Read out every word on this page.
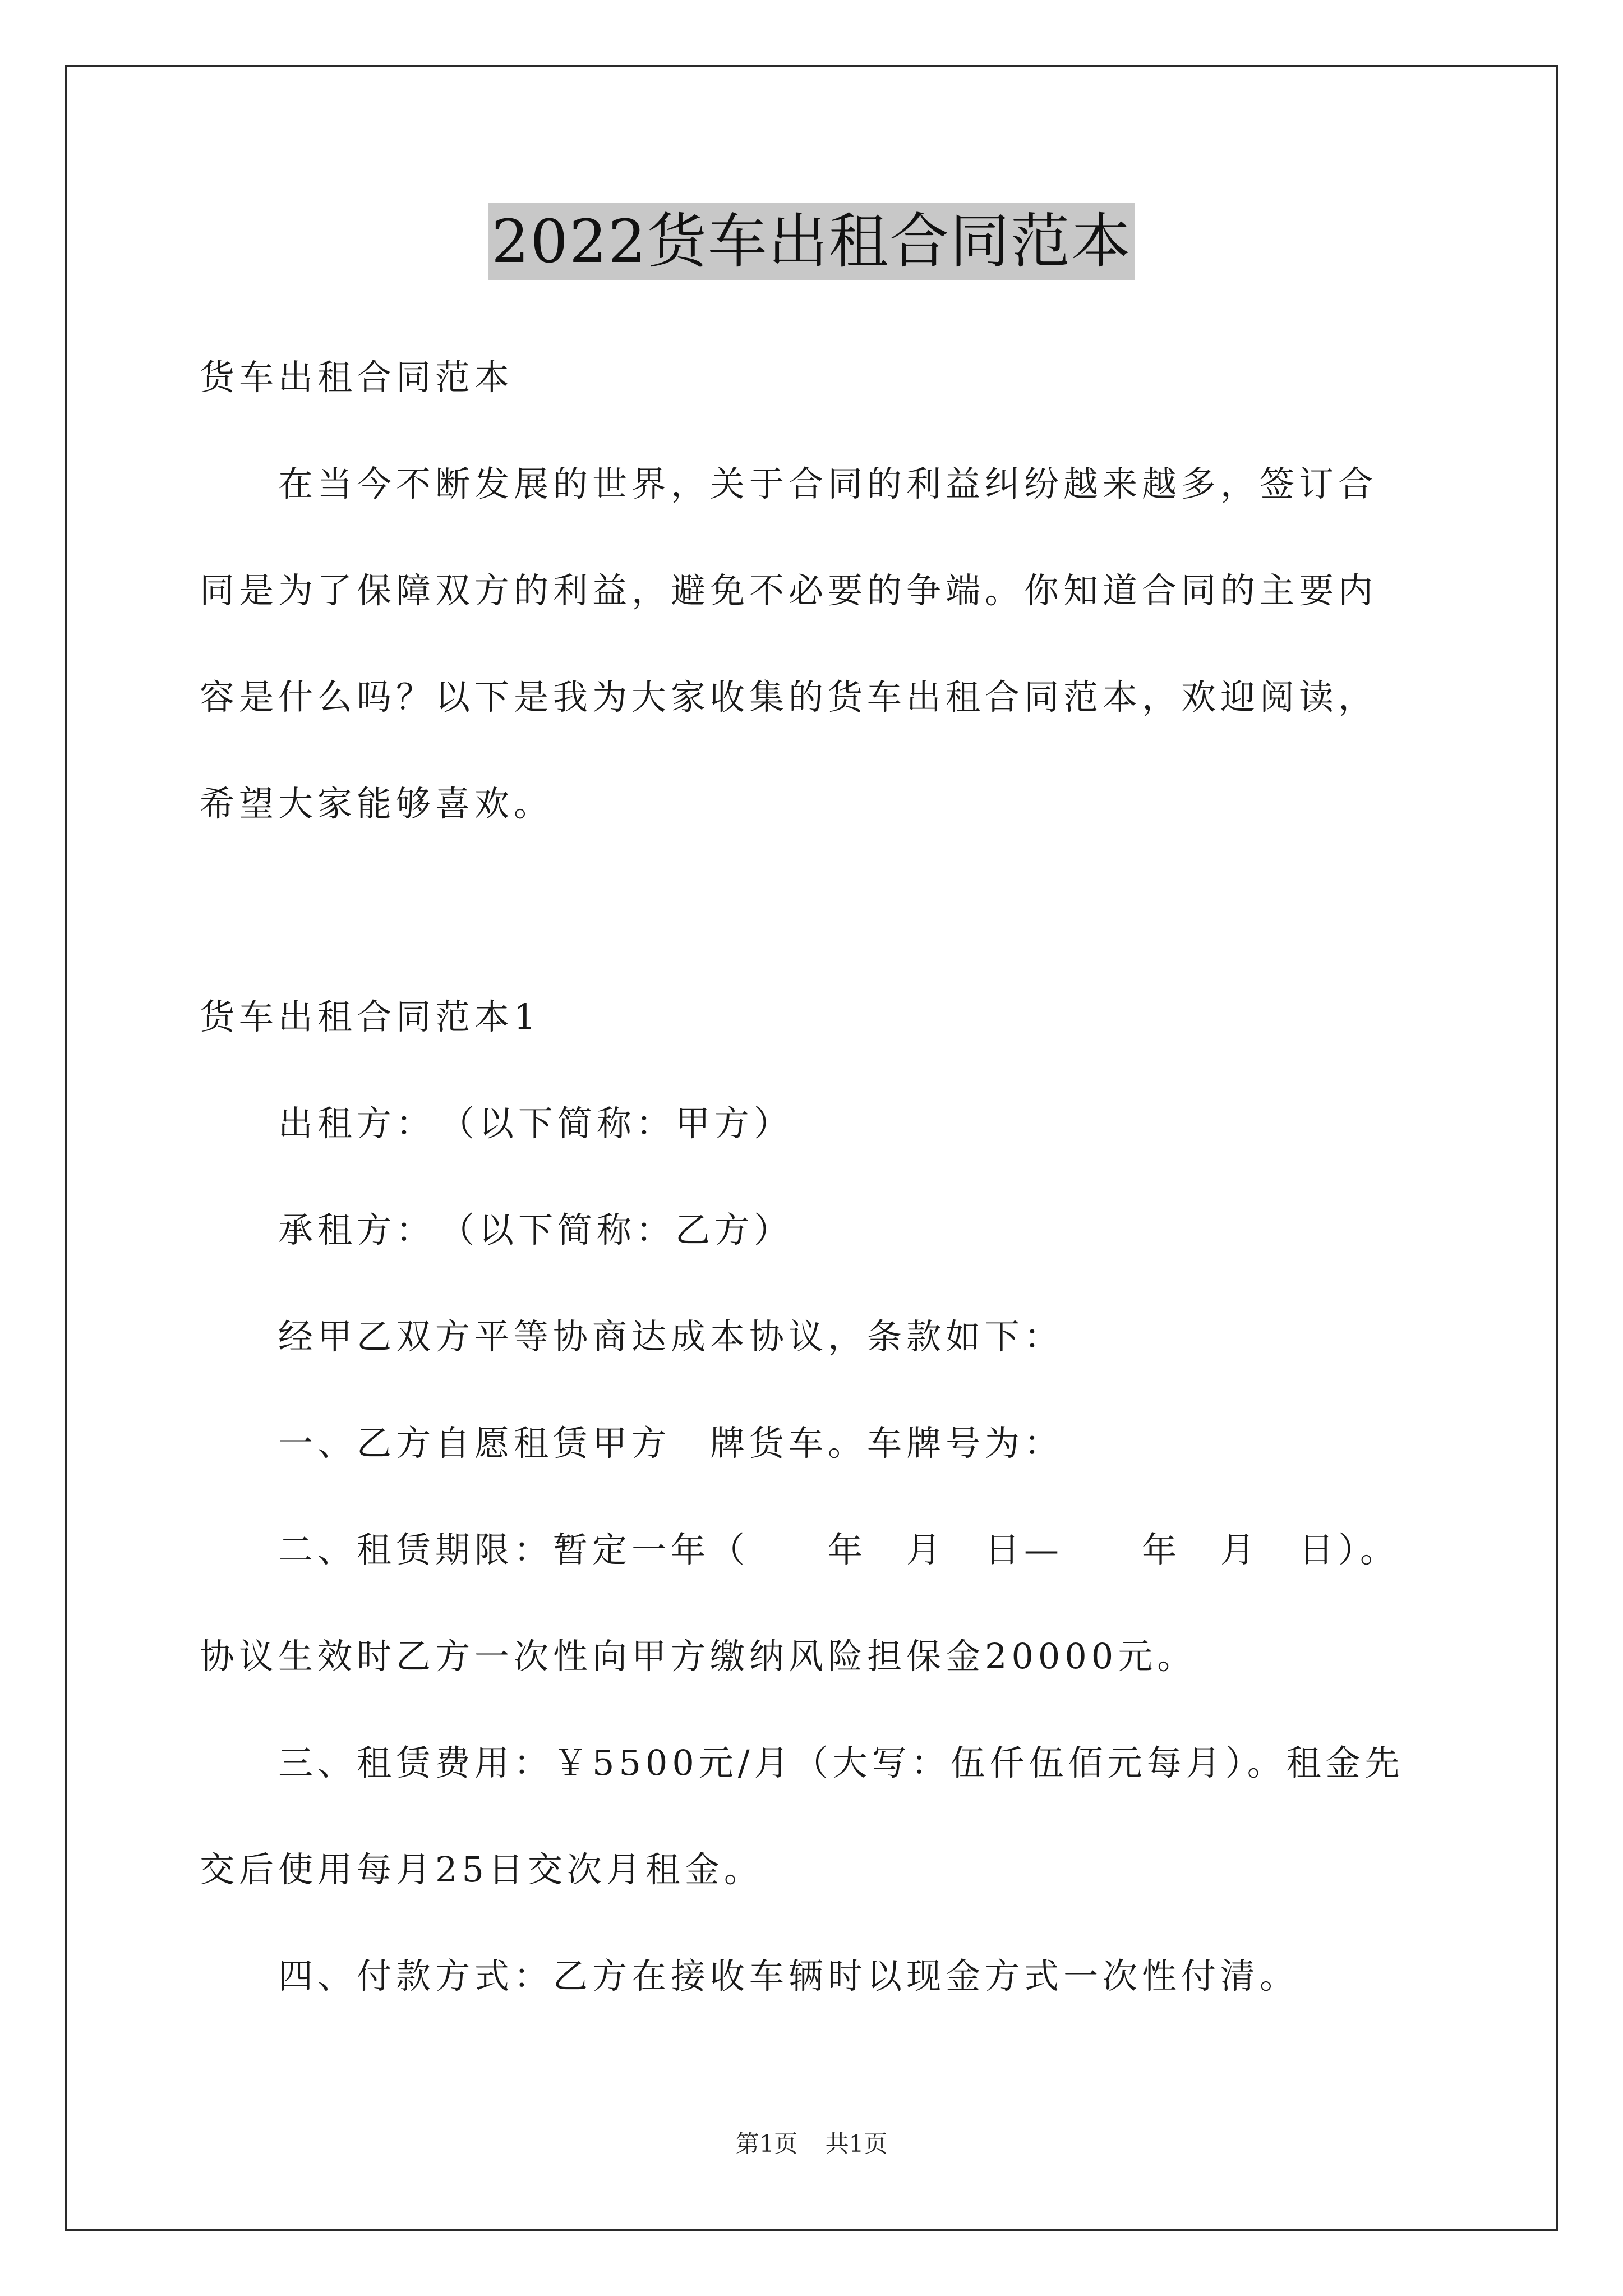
2022货车出租合同范本

货车出租合同范本

　　在当今不断发展的世界，关于合同的利益纠纷越来越多，签订合

同是为了保障双方的利益，避免不必要的争端。你知道合同的主要内

容是什么吗？以下是我为大家收集的货车出租合同范本，欢迎阅读，

希望大家能够喜欢。

货车出租合同范本1

　　出租方：　（以下简称：甲方）

　　承租方：　（以下简称：乙方）

　　经甲乙双方平等协商达成本协议，条款如下：

　　一、乙方自愿租赁甲方　牌货车。车牌号为：

　　二、租赁期限：暂定一年（　　年　月　日—　　年　月　日）。

协议生效时乙方一次性向甲方缴纳风险担保金20000元。

　　三、租赁费用：￥5500元/月（大写：伍仟伍佰元每月）。租金先

交后使用每月25日交次月租金。

　　四、付款方式：乙方在接收车辆时以现金方式一次性付清。

第1页 共1页
